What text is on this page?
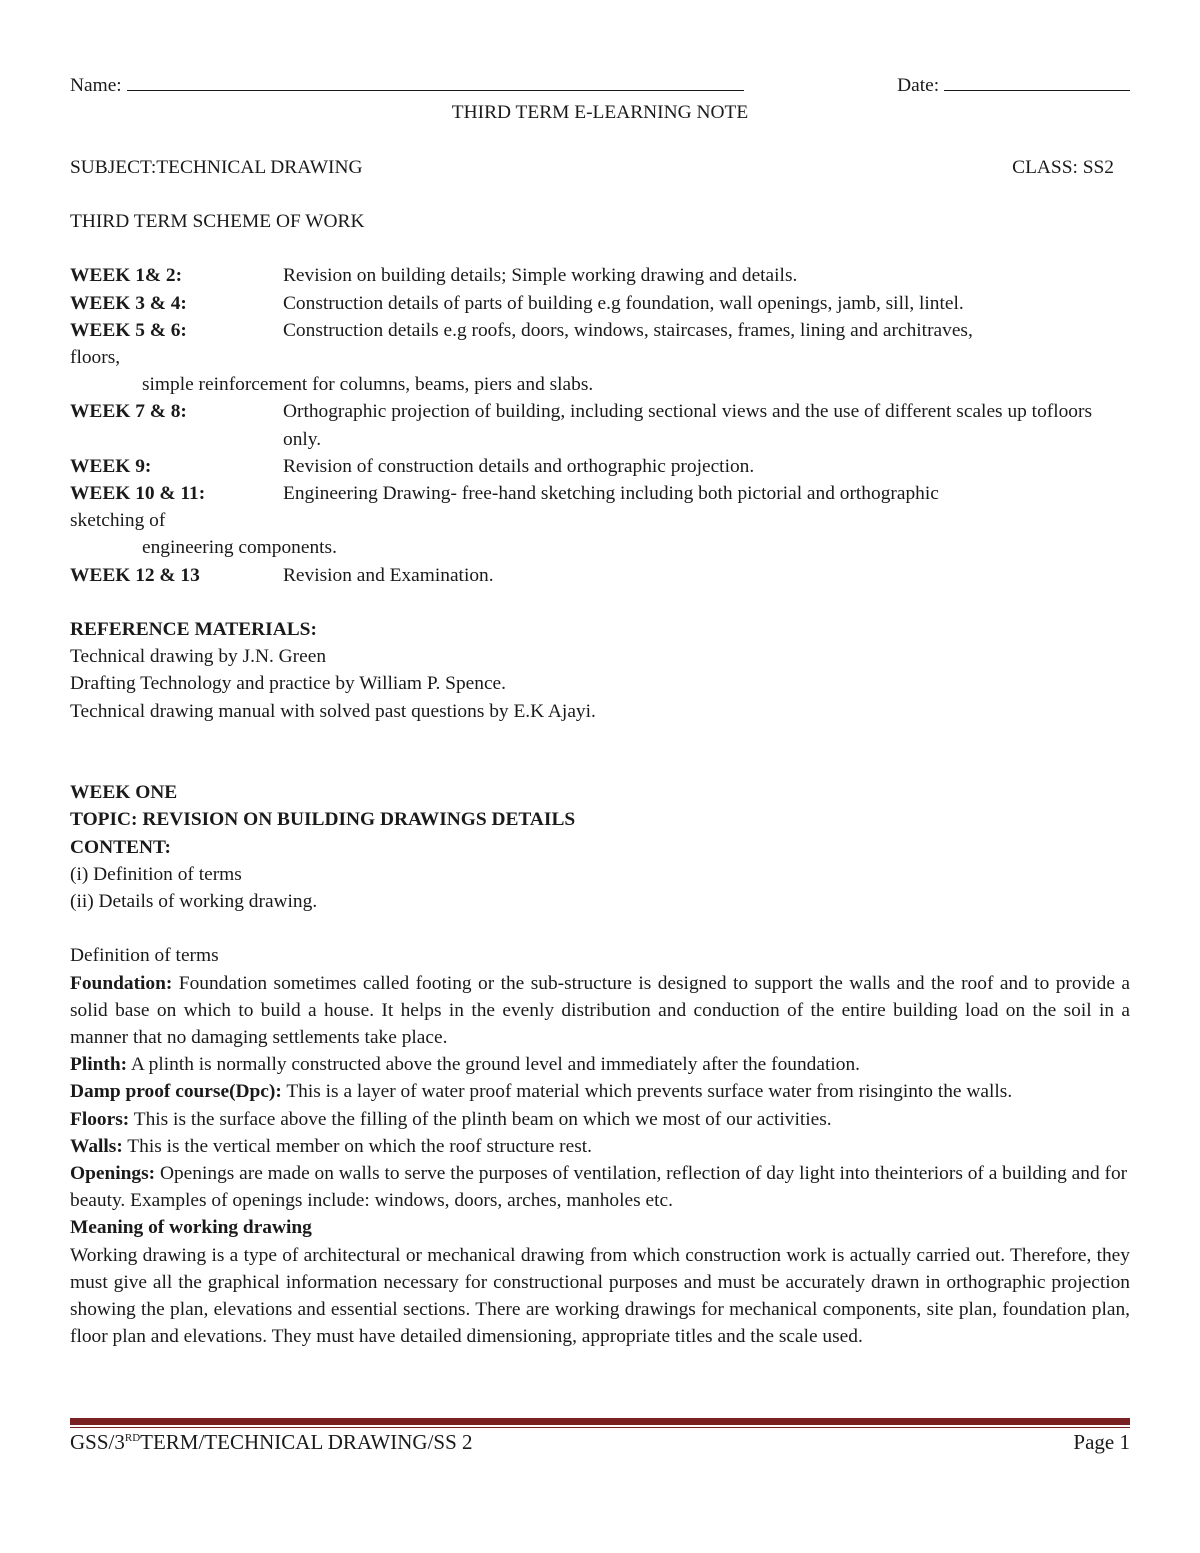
Name:	Date:
THIRD TERM E-LEARNING NOTE
SUBJECT:TECHNICAL DRAWING	CLASS: SS2
THIRD TERM SCHEME OF WORK
WEEK 1& 2:	Revision on building details; Simple working drawing and details.
WEEK 3 & 4:	Construction details of parts of building e.g foundation, wall openings, jamb, sill, lintel.
WEEK 5 & 6:	Construction details e.g roofs, doors, windows, staircases, frames, lining and architraves,
floors,
simple reinforcement for columns, beams, piers and slabs.
WEEK 7 & 8:	Orthographic projection of building, including sectional views and the use of different scales up tofloors only.
WEEK 9:	Revision of construction details and orthographic projection.
WEEK 10 & 11:	Engineering Drawing- free-hand sketching including both pictorial and orthographic
sketching of
engineering components.
WEEK 12 & 13	Revision and Examination.
REFERENCE MATERIALS:
Technical drawing by J.N. Green
Drafting Technology and practice by William P. Spence.
Technical drawing manual with solved past questions by E.K Ajayi.
WEEK ONE
TOPIC: REVISION ON BUILDING DRAWINGS DETAILS
CONTENT:
(i) Definition of terms
(ii) Details of working drawing.
Definition of terms
Foundation: Foundation sometimes called footing or the sub-structure is designed to support the walls and the roof and to provide a solid base on which to build a house. It helps in the evenly distribution and conduction of the entire building load on the soil in a manner that no damaging settlements take place.
Plinth: A plinth is normally constructed above the ground level and immediately after the foundation.
Damp proof course(Dpc): This is a layer of water proof material which prevents surface water from risinginto the walls.
Floors: This is the surface above the filling of the plinth beam on which we most of our activities.
Walls: This is the vertical member on which the roof structure rest.
Openings: Openings are made on walls to serve the purposes of ventilation, reflection of day light into theinteriors of a building and for beauty. Examples of openings include: windows, doors, arches, manholes etc.
Meaning of working drawing
Working drawing is a type of architectural or mechanical drawing from which construction work is actually carried out. Therefore, they must give all the graphical information necessary for constructional purposes and must be accurately drawn in orthographic projection showing the plan, elevations and essential sections. There are working drawings for mechanical components, site plan, foundation plan, floor plan and elevations. They must have detailed dimensioning, appropriate titles and the scale used.
GSS/3RDTERM/TECHNICAL DRAWING/SS 2	Page 1
